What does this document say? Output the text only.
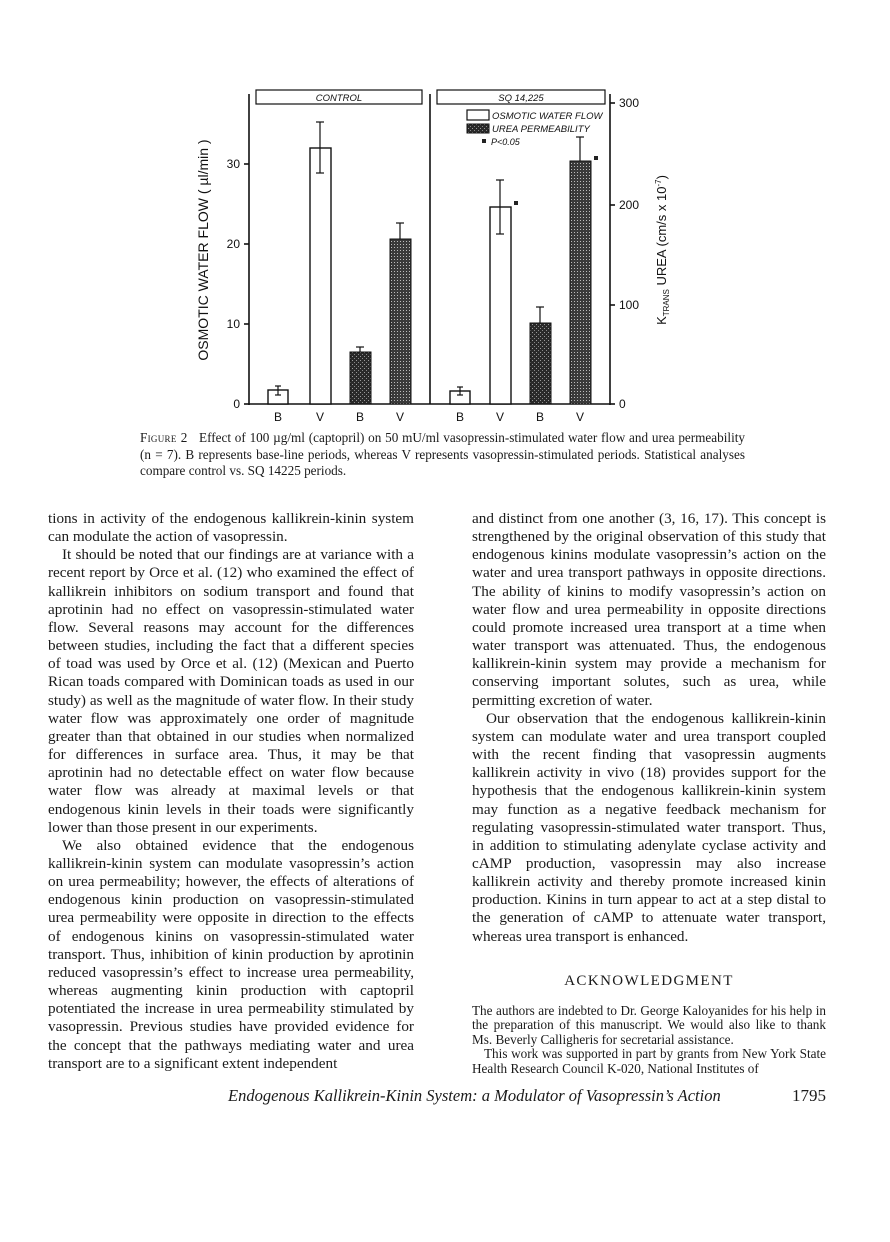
CONTROL	SQ 14,225
OSMOTIC WATER FLOW
UREA PERMEABILITY
P<0.05
0
10
20
30
0
100
200
300
B	V	B	V	B	V	B	V
OSMOTIC WATER FLOW ( µl/min )	$K_{TRANS}$ UREA (cm/s x $10^{-7}$)
Figure 2 Effect of 100 µg/ml (captopril) on 50 mU/ml vasopressin-stimulated water flow and urea permeability (n = 7). B represents base-line periods, whereas V represents vasopressin-stimulated periods. Statistical analyses compare control vs. SQ 14225 periods.

tions in activity of the endogenous kallikrein-kinin system can modulate the action of vasopressin.

It should be noted that our findings are at variance with a recent report by Orce et al. (12) who examined the effect of kallikrein inhibitors on sodium transport and found that aprotinin had no effect on vasopressin-stimulated water flow. Several reasons may account for the differences between studies, including the fact that a different species of toad was used by Orce et al. (12) (Mexican and Puerto Rican toads compared with Dominican toads as used in our study) as well as the magnitude of water flow. In their study water flow was approximately one order of magnitude greater than that obtained in our studies when normalized for differences in surface area. Thus, it may be that aprotinin had no detectable effect on water flow because water flow was already at maximal levels or that endogenous kinin levels in their toads were significantly lower than those present in our experiments.

We also obtained evidence that the endogenous kallikrein-kinin system can modulate vasopressin’s action on urea permeability; however, the effects of alterations of endogenous kinin production on vasopressin-stimulated urea permeability were opposite in direction to the effects of endogenous kinins on vasopressin-stimulated water transport. Thus, inhibition of kinin production by aprotinin reduced vasopressin’s effect to increase urea permeability, whereas augmenting kinin production with captopril potentiated the increase in urea permeability stimulated by vasopressin. Previous studies have provided evidence for the concept that the pathways mediating water and urea transport are to a significant extent independent

and distinct from one another (3, 16, 17). This concept is strengthened by the original observation of this study that endogenous kinins modulate vasopressin’s action on the water and urea transport pathways in opposite directions. The ability of kinins to modify vasopressin’s action on water flow and urea permeability in opposite directions could promote increased urea transport at a time when water transport was attenuated. Thus, the endogenous kallikrein-kinin system may provide a mechanism for conserving important solutes, such as urea, while permitting excretion of water.

Our observation that the endogenous kallikrein-kinin system can modulate water and urea transport coupled with the recent finding that vasopressin augments kallikrein activity in vivo (18) provides support for the hypothesis that the endogenous kallikrein-kinin system may function as a negative feedback mechanism for regulating vasopressin-stimulated water transport. Thus, in addition to stimulating adenylate cyclase activity and cAMP production, vasopressin may also increase kallikrein activity and thereby promote increased kinin production. Kinins in turn appear to act at a step distal to the generation of cAMP to attenuate water transport, whereas urea transport is enhanced.

ACKNOWLEDGMENT

The authors are indebted to Dr. George Kaloyanides for his help in the preparation of this manuscript. We would also like to thank Ms. Beverly Calligheris for secretarial assistance.

This work was supported in part by grants from New York State Health Research Council K-020, National Institutes of

Endogenous Kallikrein-Kinin System: a Modulator of Vasopressin’s Action	1795
